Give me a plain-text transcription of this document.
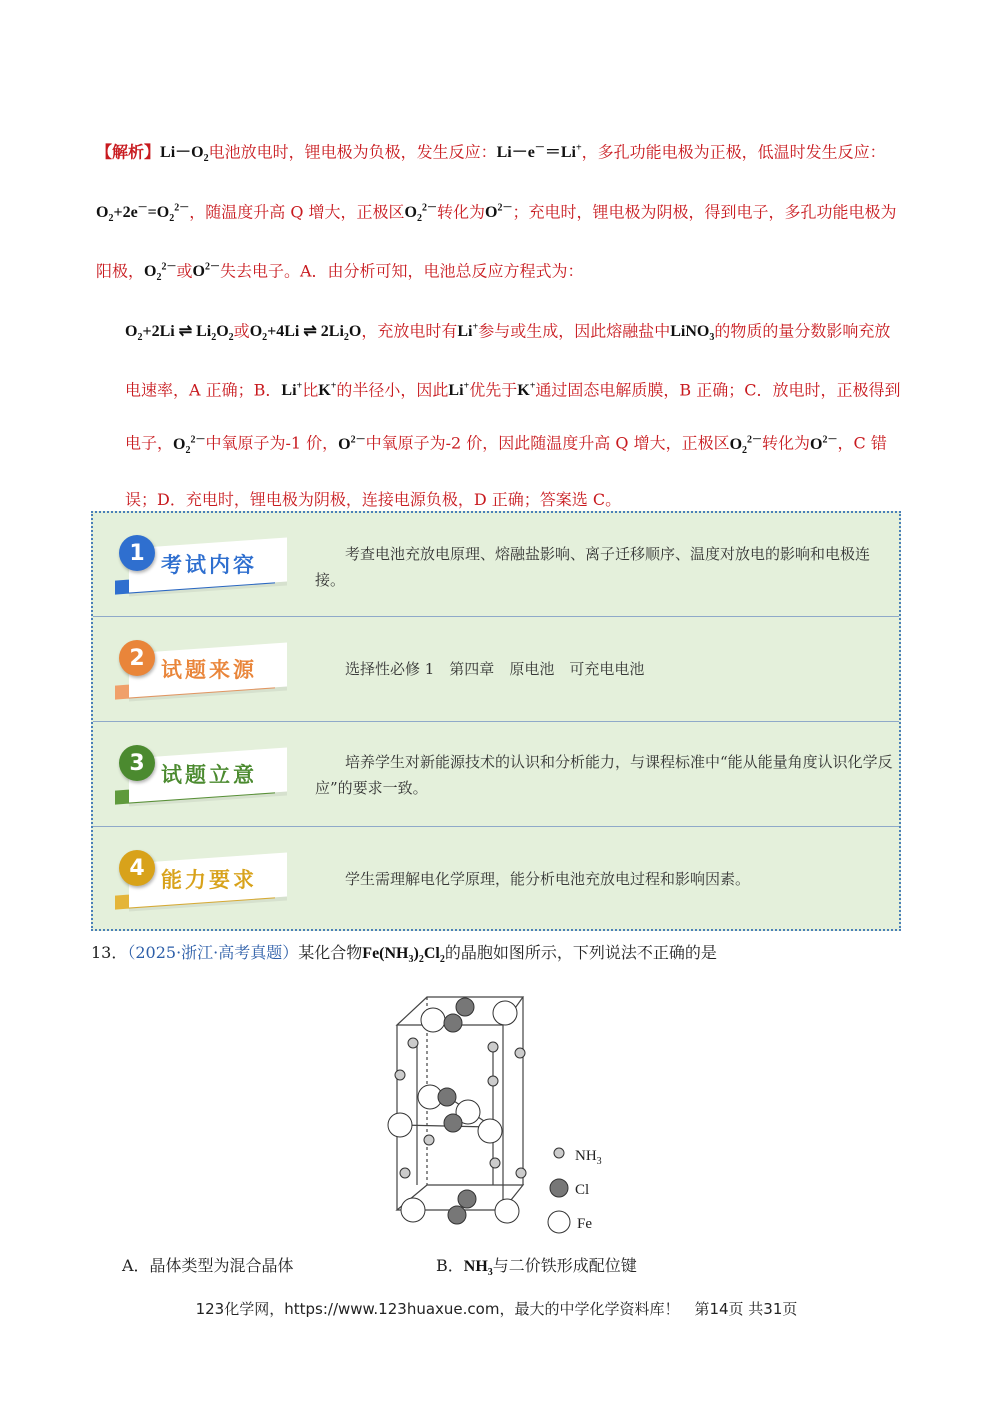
【解析】$Li-O_2$电池放电时，锂电极为负极，发生反应：Li－e－＝Li+，多孔功能电极为正极，低温时发生反应：$O_2+2e^-=O_2^{2-}$，随温度升高 Q 增大，正极区$O_2^{2-}$转化为$O^{2-}$；充电时，锂电极为阴极，得到电子，多孔功能电极为阳极，$O_2^{2-}$或$O^{2-}$失去电子。A．由分析可知，电池总反应方程式为：

$O_2+2Li$ ⇌ $Li_2O_2$或$O_2+4Li$ ⇌ $2Li_2O$，充放电时有Li+参与或生成，因此熔融盐中LiNO$_3$的物质的量分数影响充放电速率，A 正确；B．Li+比K+的半径小，因此Li+优先于K+通过固态电解质膜，B 正确；C．放电时，正极得到电子，$O_2^{2-}$中氧原子为-1 价，$O^{2-}$中氧原子为-2 价，因此随温度升高 Q 增大，正极区$O_2^{2-}$转化为$O^{2-}$，C 错误；D．充电时，锂电极为阴极，连接电源负极，D 正确；答案选 C。

1 考试内容	考查电池充放电原理、熔融盐影响、离子迁移顺序、温度对放电的影响和电极连接。
2 试题来源	选择性必修 1　第四章　原电池　可充电电池
3 试题立意
培养学生对新能源技术的认识和分析能力，与课程标准中“能从能量角度认识化学反应”的要求一致。
4 能力要求	学生需理解电化学原理，能分析电池充放电过程和影响因素。
13．（2025·浙江·高考真题）某化合物$Fe(NH_3)_2Cl_2$的晶胞如图所示，下列说法不正确的是
$NH_3$
Cl
Fe
A．晶体类型为混合晶体	B．$NH_3$与二价铁形成配位键
123化学网，https://www.123huaxue.com，最大的中学化学资料库！　第14页 共31页
